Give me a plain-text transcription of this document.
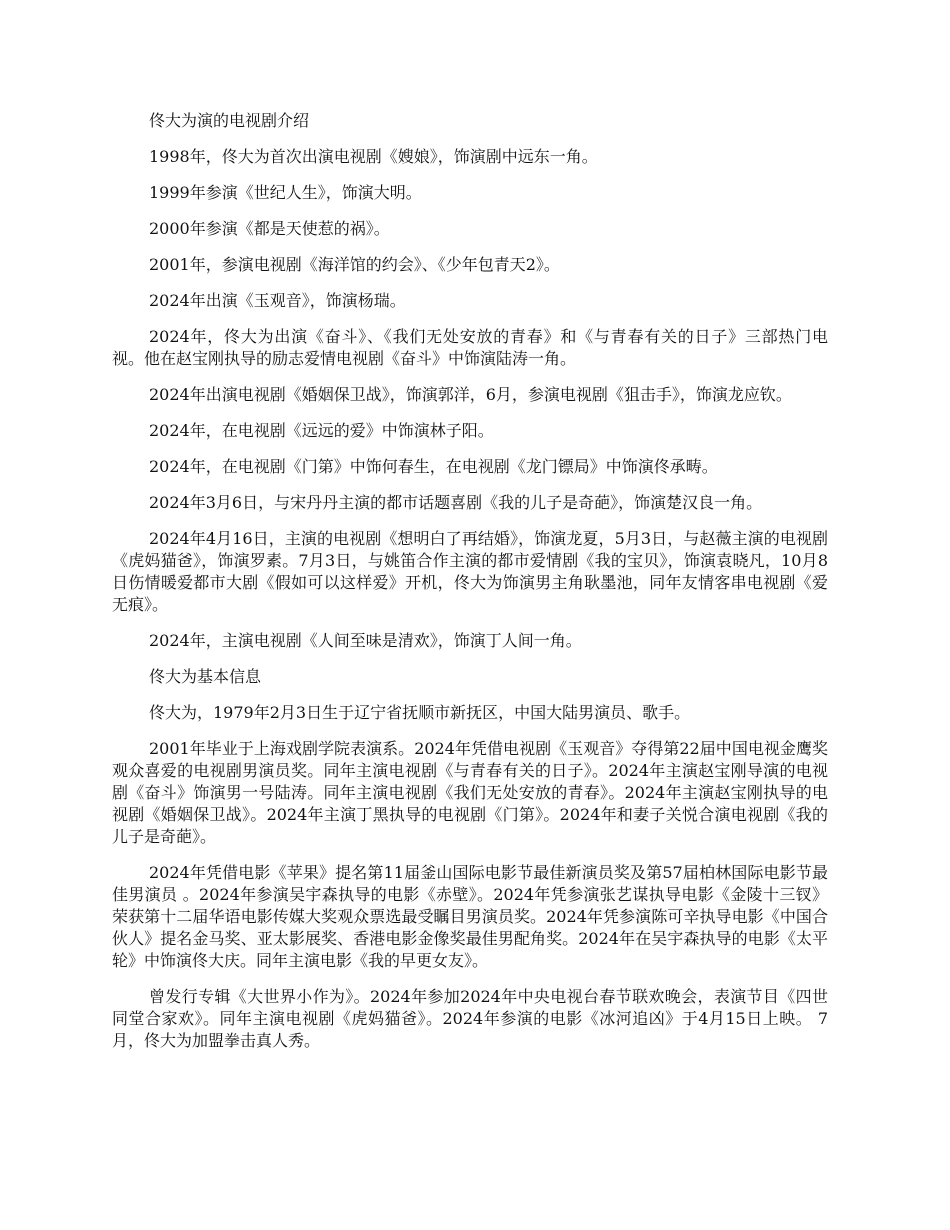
佟大为演的电视剧介绍

1998年，佟大为首次出演电视剧《嫂娘》，饰演剧中远东一角。

1999年参演《世纪人生》，饰演大明。

2000年参演《都是天使惹的祸》。

2001年，参演电视剧《海洋馆的约会》、《少年包青天2》。

2024年出演《玉观音》，饰演杨瑞。

2024年，佟大为出演《奋斗》、《我们无处安放的青春》和《与青春有关的日子》三部热门电视。他在赵宝刚执导的励志爱情电视剧《奋斗》中饰演陆涛一角。

2024年出演电视剧《婚姻保卫战》，饰演郭洋，6月，参演电视剧《狙击手》，饰演龙应钦。

2024年，在电视剧《远远的爱》中饰演林子阳。

2024年，在电视剧《门第》中饰何春生，在电视剧《龙门镖局》中饰演佟承畴。

2024年3月6日，与宋丹丹主演的都市话题喜剧《我的儿子是奇葩》，饰演楚汉良一角。

2024年4月16日，主演的电视剧《想明白了再结婚》，饰演龙夏，5月3日，与赵薇主演的电视剧《虎妈猫爸》，饰演罗素。7月3日，与姚笛合作主演的都市爱情剧《我的宝贝》，饰演袁晓凡，10月8日伤情暖爱都市大剧《假如可以这样爱》开机，佟大为饰演男主角耿墨池，同年友情客串电视剧《爱无痕》。

2024年，主演电视剧《人间至味是清欢》，饰演丁人间一角。

佟大为基本信息

佟大为，1979年2月3日生于辽宁省抚顺市新抚区，中国大陆男演员、歌手。

2001年毕业于上海戏剧学院表演系。2024年凭借电视剧《玉观音》夺得第22届中国电视金鹰奖观众喜爱的电视剧男演员奖。同年主演电视剧《与青春有关的日子》。2024年主演赵宝刚导演的电视剧《奋斗》饰演男一号陆涛。同年主演电视剧《我们无处安放的青春》。2024年主演赵宝刚执导的电视剧《婚姻保卫战》。2024年主演丁黑执导的电视剧《门第》。2024年和妻子关悦合演电视剧《我的儿子是奇葩》。

2024年凭借电影《苹果》提名第11届釜山国际电影节最佳新演员奖及第57届柏林国际电影节最佳男演员 。2024年参演吴宇森执导的电影《赤壁》。2024年凭参演张艺谋执导电影《金陵十三钗》荣获第十二届华语电影传媒大奖观众票选最受瞩目男演员奖。2024年凭参演陈可辛执导电影《中国合伙人》提名金马奖、亚太影展奖、香港电影金像奖最佳男配角奖。2024年在吴宇森执导的电影《太平轮》中饰演佟大庆。同年主演电影《我的早更女友》。

曾发行专辑《大世界小作为》。2024年参加2024年中央电视台春节联欢晚会，表演节目《四世同堂合家欢》。同年主演电视剧《虎妈猫爸》。2024年参演的电影《冰河追凶》于4月15日上映。 7月，佟大为加盟拳击真人秀。
